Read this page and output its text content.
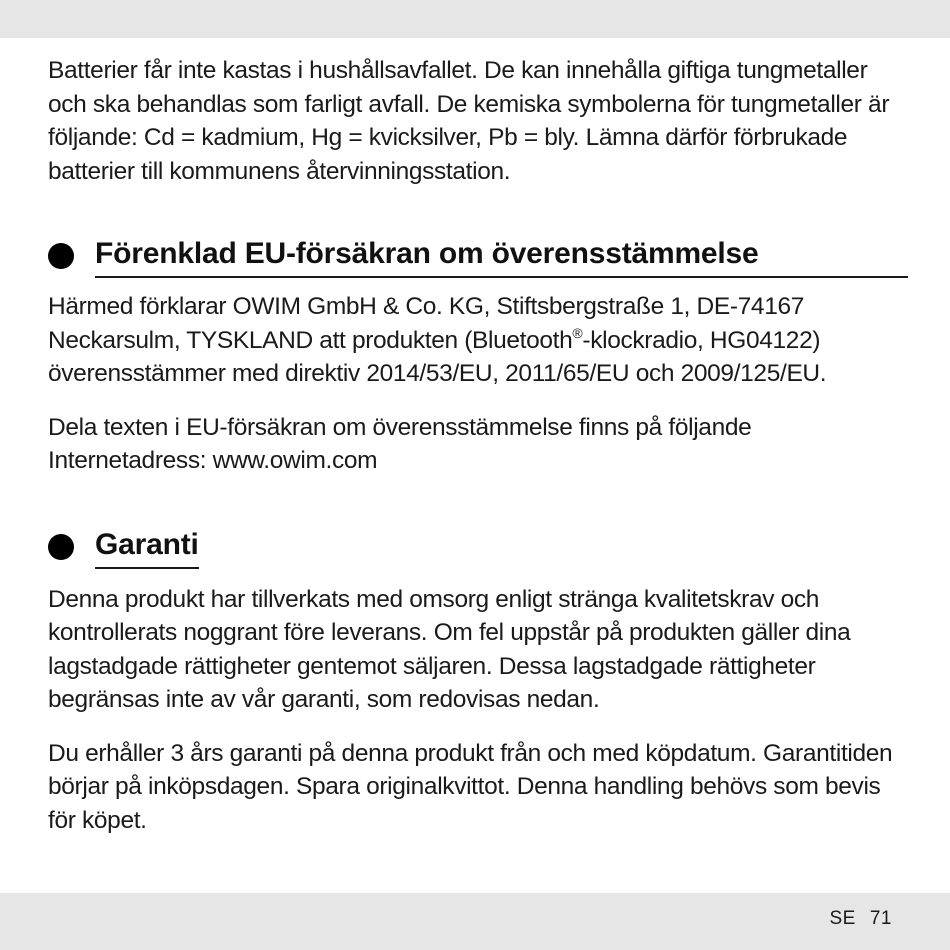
Batterier får inte kastas i hushållsavfallet. De kan innehålla giftiga tungmetaller och ska behandlas som farligt avfall. De kemiska symbolerna för tungmetaller är följande: Cd = kadmium, Hg = kvicksilver, Pb = bly. Lämna därför förbrukade batterier till kommunens återvinningsstation.

Förenklad EU-försäkran om överensstämmelse

Härmed förklarar OWIM GmbH & Co. KG, Stiftsbergstraße 1, DE-74167 Neckarsulm, TYSKLAND att produkten (Bluetooth®-klockradio, HG04122) överensstämmer med direktiv 2014/53/EU, 2011/65/EU och 2009/125/EU.

Dela texten i EU-försäkran om överensstämmelse finns på följande Internetadress: www.owim.com

Garanti

Denna produkt har tillverkats med omsorg enligt stränga kvalitetskrav och kontrollerats noggrant före leverans. Om fel uppstår på produkten gäller dina lagstadgade rättigheter gentemot säljaren. Dessa lagstadgade rättigheter begränsas inte av vår garanti, som redovisas nedan.

Du erhåller 3 års garanti på denna produkt från och med köpdatum. Garantitiden börjar på inköpsdagen. Spara originalkvittot. Denna handling behövs som bevis för köpet.

SE 71
